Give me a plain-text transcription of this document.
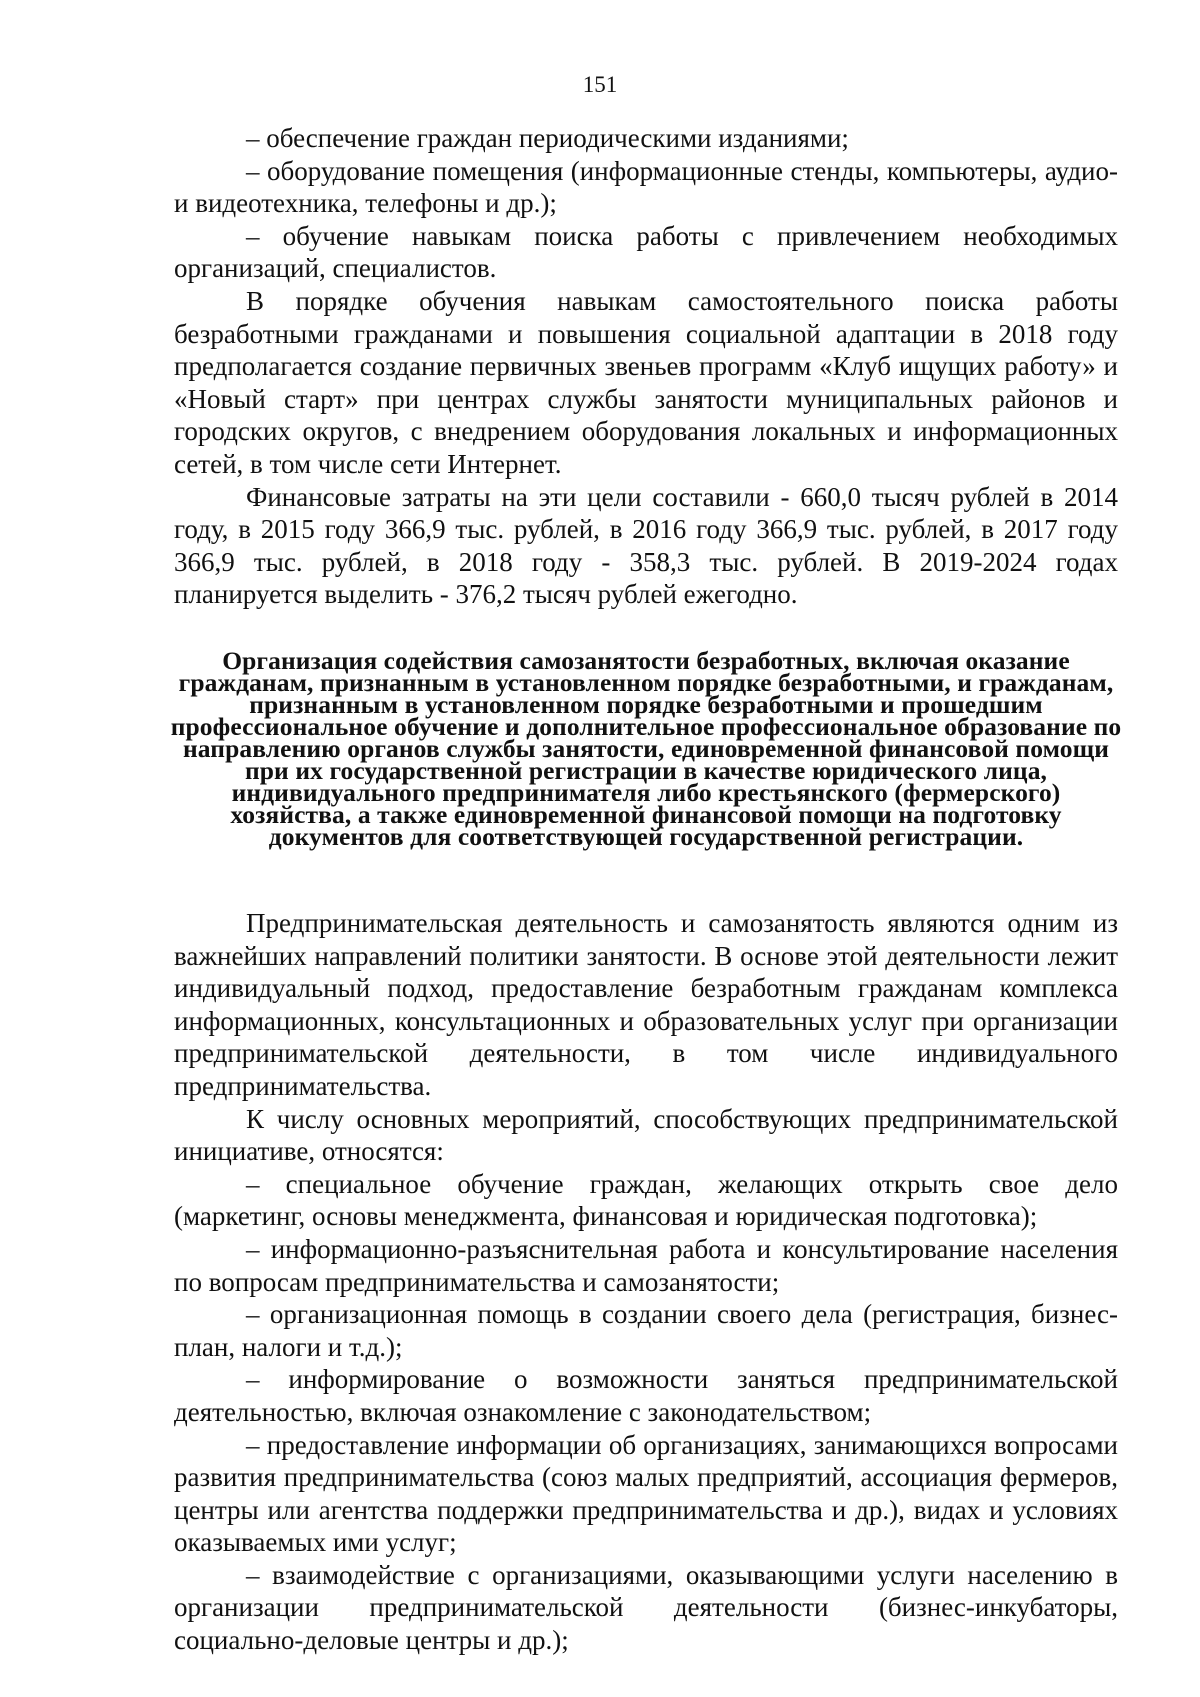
151

– обеспечение граждан периодическими изданиями;

– оборудование помещения (информационные стенды, компьютеры, аудио- и видеотехника, телефоны и др.);

– обучение навыкам поиска работы с привлечением необходимых организаций, специалистов.

В порядке обучения навыкам самостоятельного поиска работы безработными гражданами и повышения социальной адаптации в 2018 году предполагается создание первичных звеньев программ «Клуб ищущих работу» и «Новый старт» при центрах службы занятости муниципальных районов и городских округов, с внедрением оборудования локальных и информационных сетей, в том числе сети Интернет.

Финансовые затраты на эти цели составили - 660,0 тысяч рублей в 2014 году, в 2015 году 366,9 тыс. рублей, в 2016 году 366,9 тыс. рублей, в 2017 году 366,9 тыс. рублей, в 2018 году - 358,3 тыс. рублей. В 2019-2024 годах планируется выделить - 376,2 тысяч рублей ежегодно.

Организация содействия самозанятости безработных, включая оказание гражданам, признанным в установленном порядке безработными, и гражданам, признанным в установленном порядке безработными и прошедшим профессиональное обучение и дополнительное профессиональное образование по направлению органов службы занятости, единовременной финансовой помощи при их государственной регистрации в качестве юридического лица, индивидуального предпринимателя либо крестьянского (фермерского) хозяйства, а также единовременной финансовой помощи на подготовку документов для соответствующей государственной регистрации.

Предпринимательская деятельность и самозанятость являются одним из важнейших направлений политики занятости. В основе этой деятельности лежит индивидуальный подход, предоставление безработным гражданам комплекса информационных, консультационных и образовательных услуг при организации предпринимательской деятельности, в том числе индивидуального предпринимательства.

К числу основных мероприятий, способствующих предпринимательской инициативе, относятся:

– специальное обучение граждан, желающих открыть свое дело (маркетинг, основы менеджмента, финансовая и юридическая подготовка);

– информационно-разъяснительная работа и консультирование населения по вопросам предпринимательства и самозанятости;

– организационная помощь в создании своего дела (регистрация, бизнес-план, налоги и т.д.);

– информирование о возможности заняться предпринимательской деятельностью, включая ознакомление с законодательством;

– предоставление информации об организациях, занимающихся вопросами развития предпринимательства (союз малых предприятий, ассоциация фермеров, центры или агентства поддержки предпринимательства и др.), видах и условиях оказываемых ими услуг;

– взаимодействие с организациями, оказывающими услуги населению в организации предпринимательской деятельности (бизнес-инкубаторы, социально-деловые центры и др.);
